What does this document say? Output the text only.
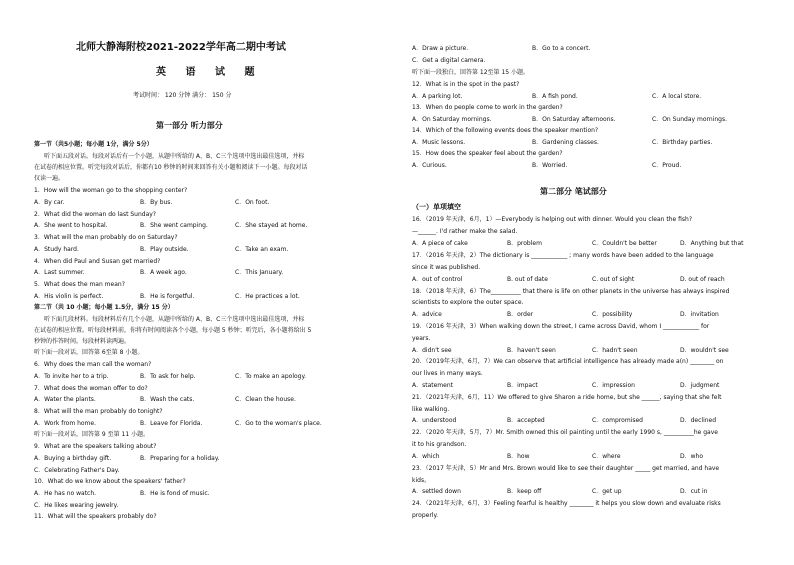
北师大静海附校2021-2022学年高二期中考试
英 语 试 题
考试时间： 120 分钟 满分： 150 分
第一部分 听力部分
第一节（共5小题；每小题 1分，满分 5分）
听下面五段对话。每段对话后有一个小题，从题中所给的 A、B、C三个选项中选出最佳选项，并标
在试卷的相应位置。听完每段对话后，你都有10 秒钟的时间来回答有关小题和阅读下一小题。每段对话
仅读一遍。
1．How will the woman go to the shopping center?
A．By car.	B．By bus.	C．On foot.
2．What did the woman do last Sunday?
A．She went to hospital.	B．She went camping.	C．She stayed at home.
3．What will the man probably do on Saturday?
A．Study hard.	B．Play outside.	C．Take an exam.
4．When did Paul and Susan get married?
A．Last summer.	B．A week ago.	C．This January.
5．What does the man mean?
A．His violin is perfect.	B．He is forgetful.	C．He practices a lot.
第二节（共 10 小题；每小题 1.5分，满分 15 分）
听下面几段材料。每段材料后有几个小题，从题中所给的 A、B、C三个选项中选出最佳选项，并标
在试卷的相应位置。听每段材料前，你将有时间阅读各个小题，每小题 5 秒钟；听完后，各小题将给出 5
秒钟的作答时间。每段材料读两遍。
听下面一段对话，回答第 6至第 8 小题。
6．Why does the man call the woman?
A．To invite her to a trip.	B．To ask for help.	C．To make an apology.
7．What does the woman offer to do?
A．Water the plants.	B．Wash the cats.	C．Clean the house.
8．What will the man probably do tonight?
A．Work from home.	B．Leave for Florida.	C．Go to the woman's place.
听下面一段对话，回答第 9 至第 11 小题。
9．What are the speakers talking about?
A．Buying a birthday gift.	B．Preparing for a holiday.
C．Celebrating Father's Day.
10．What do we know about the speakers' father?
A．He has no watch.	B．He is fond of music.
C．He likes wearing jewelry.
11．What will the speakers probably do?
A．Draw a picture.	B．Go to a concert.
C．Get a digital camera.
听下面一段独白，回答第 12至第 15 小题。
12．What is in the spot in the past?
A．A parking lot.	B．A fish pond.	C．A local store.
13．When do people come to work in the garden?
A．On Saturday mornings.	B．On Saturday afternoons.	C．On Sunday mornings.
14．Which of the following events does the speaker mention?
A．Music lessons.	B．Gardening classes.	C．Birthday parties.
15．How does the speaker feel about the garden?
A．Curious.	B．Worried.	C．Proud.
第二部分 笔试部分
（一）单项填空
16．（2019 年天津，6月，1）—Everybody is helping out with dinner. Would you clean the fish?
—______. I'd rather make the salad.
A．A piece of cake	B．problem	C．Couldn't be better	D．Anything but that
17．（2016 年天津，2）The dictionary is ____________ ; many words have been added to the language
since it was published.
A．out of control	B. out of date	C. out of sight	D. out of reach
18．（2018 年天津，6）The__________ that there is life on other planets in the universe has always inspired
scientists to explore the outer space.
A．advice	B．order	C．possibility	D．invitation
19．（2016 年天津，3）When walking down the street, I came across David, whom I ____________ for
years.
A．didn't see	B．haven't seen	C．hadn't seen	D．wouldn't see
20．（2019年天津，6月，7）We can observe that artificial intelligence has already made a(n) ________ on
our lives in many ways.
A．statement	B．impact	C．impression	D．judgment
21．（2021年天津，6月，11）We offered to give Sharon a ride home, but she ______, saying that she felt
like walking.
A．understood	B．accepted	C．compromised	D．declined
22．（2020 年天津，5月，7）Mr. Smith owned this oil painting until the early 1990 s, __________he gave
it to his grandson.
A．which	B．how	C．where	D．who
23．（2017 年天津，5）Mr and Mrs. Brown would like to see their daughter _____ get married, and have
kids。
A．settled down	B．keep off	C．get up	D．cut in
24．（2021年天津，6月，3）Feeling fearful is healthy ________ it helps you slow down and evaluate risks
properly.
